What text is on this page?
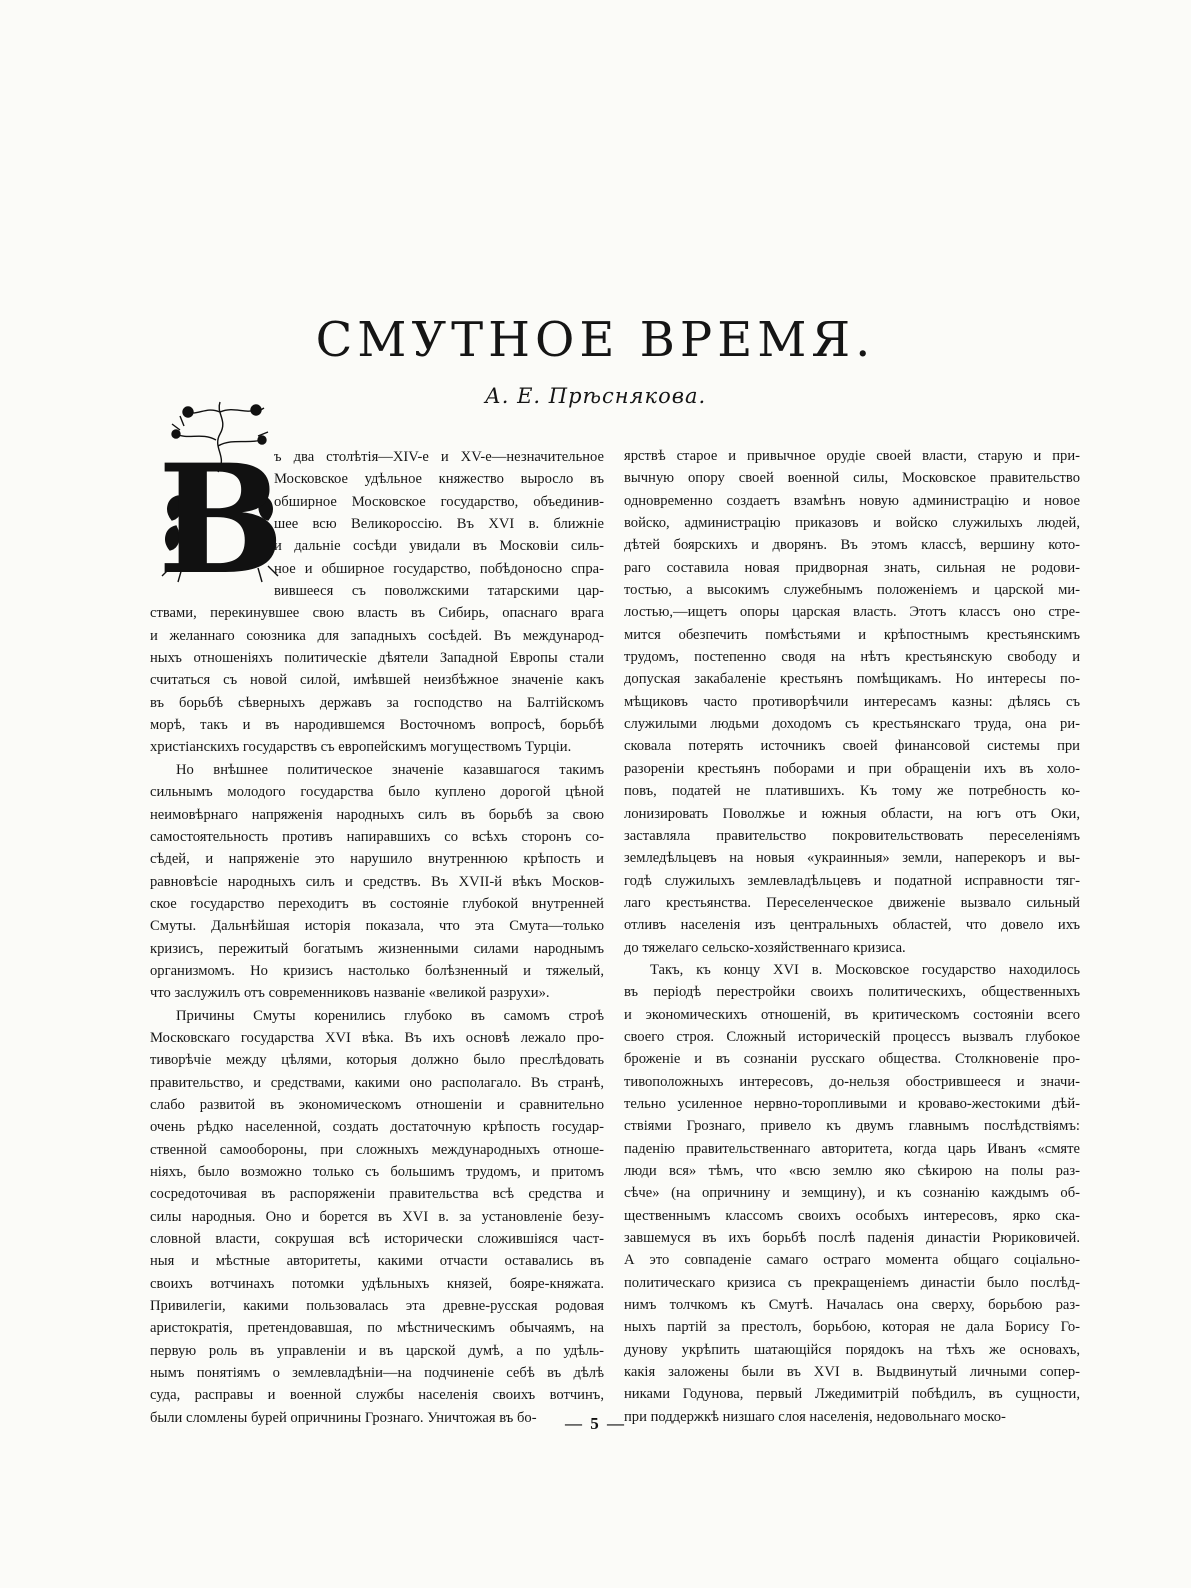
СМУТНОЕ ВРЕМЯ.
А. Е. Прѣснякова.
В
ъ два столѣтія—XIV-е и XV-е—незначительное
Московское удѣльное княжество выросло въ
обширное Московское государство, объединив-
шее всю Великороссію. Въ XVI в. ближніе
и дальніе сосѣди увидали въ Московіи силь-
ное и обширное государство, побѣдоносно спра-
вившееся съ поволжскими татарскими цар-
ствами, перекинувшее свою власть въ Сибирь, опаснаго врага
и желаннаго союзника для западныхъ сосѣдей. Въ международ-
ныхъ отношеніяхъ политическіе дѣятели Западной Европы стали
считаться съ новой силой, имѣвшей неизбѣжное значеніе какъ
въ борьбѣ сѣверныхъ державъ за господство на Балтійскомъ
морѣ, такъ и въ народившемся Восточномъ вопросѣ, борьбѣ
христіанскихъ государствъ съ европейскимъ могуществомъ Турціи.
Но внѣшнее политическое значеніе казавшагося такимъ
сильнымъ молодого государства было куплено дорогой цѣной
неимовѣрнаго напряженія народныхъ силъ въ борьбѣ за свою
самостоятельность противъ напиравшихъ со всѣхъ сторонъ со-
сѣдей, и напряженіе это нарушило внутреннюю крѣпость и
равновѣсіе народныхъ силъ и средствъ. Въ XVII-й вѣкъ Москов-
ское государство переходитъ въ состояніе глубокой внутренней
Смуты. Дальнѣйшая исторія показала, что эта Смута—только
кризисъ, пережитый богатымъ жизненными силами народнымъ
организмомъ. Но кризисъ настолько болѣзненный и тяжелый,
что заслужилъ отъ современниковъ названіе «великой разрухи».
Причины Смуты коренились глубоко въ самомъ строѣ
Московскаго государства XVI вѣка. Въ ихъ основѣ лежало про-
тиворѣчіе между цѣлями, которыя должно было преслѣдовать
правительство, и средствами, какими оно располагало. Въ странѣ,
слабо развитой въ экономическомъ отношеніи и сравнительно
очень рѣдко населенной, создать достаточную крѣпость государ-
ственной самообороны, при сложныхъ международныхъ отноше-
ніяхъ, было возможно только съ большимъ трудомъ, и притомъ
сосредоточивая въ распоряженіи правительства всѣ средства и
силы народныя. Оно и борется въ XVI в. за установленіе безу-
словной власти, сокрушая всѣ исторически сложившіяся част-
ныя и мѣстные авторитеты, какими отчасти оставались въ
своихъ вотчинахъ потомки удѣльныхъ князей, боярe-княжата.
Привилегіи, какими пользовалась эта древне-русская родовая
аристократія, претендовавшая, по мѣстническимъ обычаямъ, на
первую роль въ управленіи и въ царской думѣ, а по удѣль-
нымъ понятіямъ о землевладѣніи—на подчиненіе себѣ въ дѣлѣ
суда, расправы и военной службы населенія своихъ вотчинъ,
были сломлены бурей опричнины Грознаго. Уничтожая въ бо-
ярствѣ старое и привычное орудіе своей власти, старую и при-
вычную опору своей военной силы, Московское правительство
одновременно создаетъ взамѣнъ новую администрацію и новое
войско, администрацію приказовъ и войско служилыхъ людей,
дѣтей боярскихъ и дворянъ. Въ этомъ классѣ, вершину кото-
раго составила новая придворная знать, сильная не родови-
тостью, а высокимъ служебнымъ положеніемъ и царской ми-
лостью,—ищетъ опоры царская власть. Этотъ классъ оно стре-
мится обезпечить помѣстьями и крѣпостнымъ крестьянскимъ
трудомъ, постепенно сводя на нѣтъ крестьянскую свободу и
допуская закабаленіе крестьянъ помѣщикамъ. Но интересы по-
мѣщиковъ часто противорѣчили интересамъ казны: дѣлясь съ
служилыми людьми доходомъ съ крестьянскаго труда, она ри-
сковала потерять источникъ своей финансовой системы при
разореніи крестьянъ поборами и при обращеніи ихъ въ холо-
повъ, податей не платившихъ. Къ тому же потребность ко-
лонизировать Поволжье и южныя области, на югъ отъ Оки,
заставляла правительство покровительствовать переселеніямъ
земледѣльцевъ на новыя «украинныя» земли, наперекоръ и вы-
годѣ служилыхъ землевладѣльцевъ и податной исправности тяг-
лаго крестьянства. Переселенческое движеніе вызвало сильный
отливъ населенія изъ центральныхъ областей, что довело ихъ
до тяжелаго сельско-хозяйственнаго кризиса.
Такъ, къ концу XVI в. Московское государство находилось
въ періодѣ перестройки своихъ политическихъ, общественныхъ
и экономическихъ отношеній, въ критическомъ состояніи всего
своего строя. Сложный историческій процессъ вызвалъ глубокое
броженіе и въ сознаніи русскаго общества. Столкновеніе про-
тивоположныхъ интересовъ, до-нельзя обострившееся и значи-
тельно усиленное нервно-торопливыми и кроваво-жестокими дѣй-
ствіями Грознаго, привело къ двумъ главнымъ послѣдствіямъ:
паденію правительственнаго авторитета, когда царь Иванъ «смяте
люди вся» тѣмъ, что «всю землю яко сѣкирою на полы раз-
сѣче» (на опричнину и земщину), и къ сознанію каждымъ об-
щественнымъ классомъ своихъ особыхъ интересовъ, ярко ска-
завшемуся въ ихъ борьбѣ послѣ паденія династіи Рюриковичей.
А это совпаденіе самаго остраго момента общаго соціально-
политическаго кризиса съ прекращеніемъ династіи было послѣд-
нимъ толчкомъ къ Смутѣ. Началась она сверху, борьбою раз-
ныхъ партій за престолъ, борьбою, которая не дала Борису Го-
дунову укрѣпить шатающійся порядокъ на тѣхъ же основахъ,
какія заложены были въ XVI в. Выдвинутый личными сопер-
никами Годунова, первый Лжедимитрій побѣдилъ, въ сущности,
при поддержкѣ низшаго слоя населенія, недовольнаго моско-
— 5 —
